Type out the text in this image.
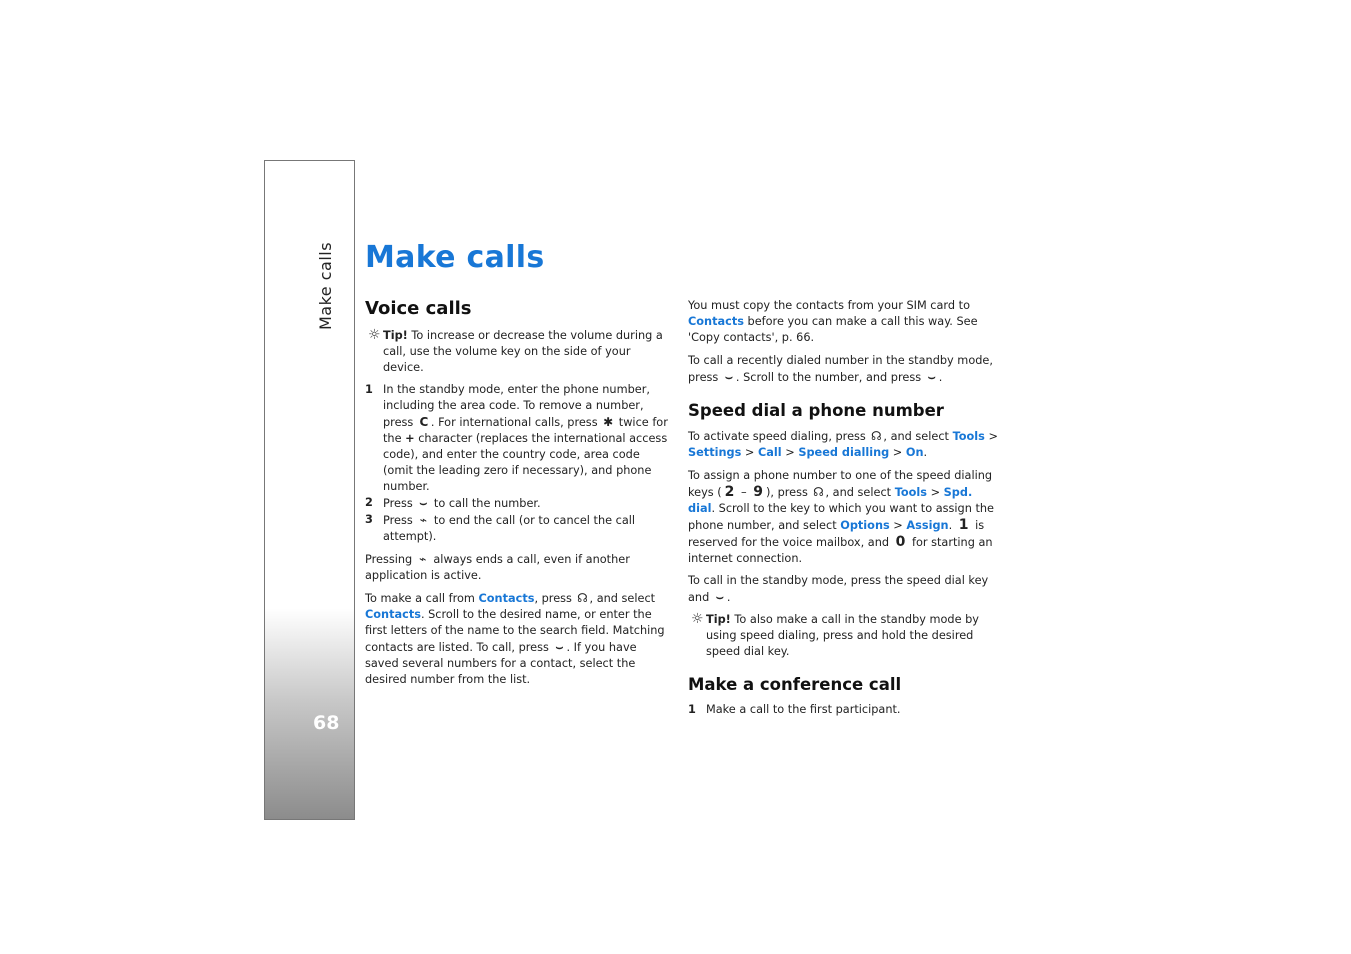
Make calls
68
Make calls
Voice calls

☼ Tip! To increase or decrease the volume during a call, use the volume key on the side of your device.

1 In the standby mode, enter the phone number, including the area code. To remove a number, press C . For international calls, press ✱ twice for the + character (replaces the international access code), and enter the country code, area code (omit the leading zero if necessary), and phone number.
2 Press ⌣ to call the number.
3 Press ⌁ to end the call (or to cancel the call attempt).

Pressing ⌁ always ends a call, even if another application is active.

To make a call from Contacts, press ☊ , and select Contacts. Scroll to the desired name, or enter the first letters of the name to the search field. Matching contacts are listed. To call, press ⌣ . If you have saved several numbers for a contact, select the desired number from the list.

You must copy the contacts from your SIM card to Contacts before you can make a call this way. See 'Copy contacts', p. 66.

To call a recently dialed number in the standby mode, press ⌣ . Scroll to the number, and press ⌣ .

Speed dial a phone number

To activate speed dialing, press ☊ , and select Tools > Settings > Call > Speed dialling > On.

To assign a phone number to one of the speed dialing keys ( 2 – 9 ), press ☊ , and select Tools > Spd. dial. Scroll to the key to which you want to assign the phone number, and select Options > Assign. 1 is reserved for the voice mailbox, and 0 for starting an internet connection.

To call in the standby mode, press the speed dial key and ⌣ .

☼ Tip! To also make a call in the standby mode by using speed dialing, press and hold the desired speed dial key.

Make a conference call
1 Make a call to the first participant.
